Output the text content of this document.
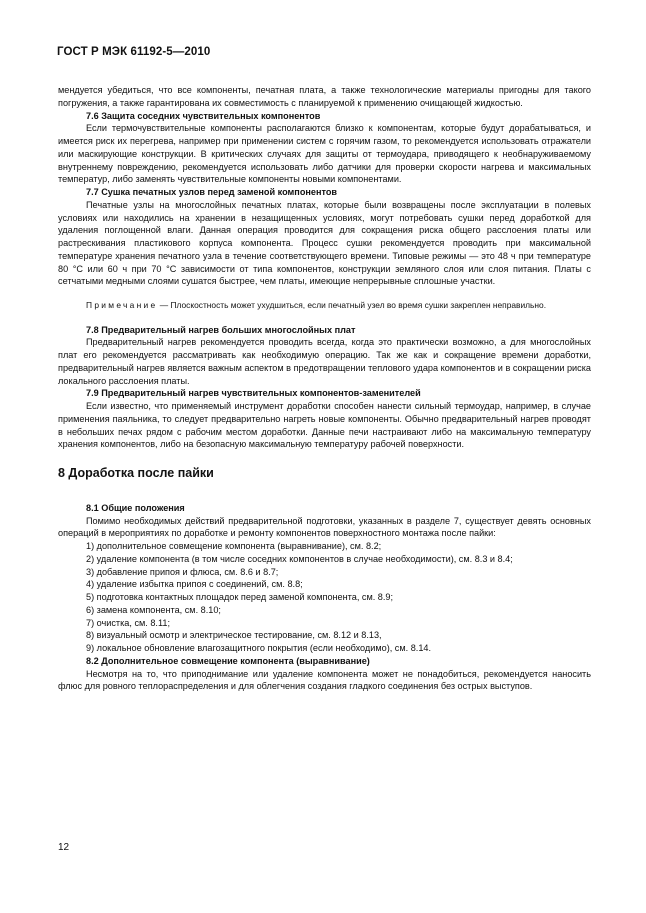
ГОСТ Р МЭК 61192-5—2010

мендуется убедиться, что все компоненты, печатная плата, а также технологические материалы пригодны для такого погружения, а также гарантирована их совместимость с планируемой к применению очищающей жидкостью.

7.6 Защита соседних чувствительных компонентов

Если термочувствительные компоненты располагаются близко к компонентам, которые будут дорабатываться, и имеется риск их перегрева, например при применении систем с горячим газом, то рекомендуется использовать отражатели или маскирующие конструкции. В критических случаях для защиты от термоудара, приводящего к необнаруживаемому внутреннему повреждению, рекомендуется использовать либо датчики для проверки скорости нагрева и максимальных температур, либо заменять чувствительные компоненты новыми компонентами.

7.7 Сушка печатных узлов перед заменой компонентов

Печатные узлы на многослойных печатных платах, которые были возвращены после эксплуатации в полевых условиях или находились на хранении в незащищенных условиях, могут потребовать сушки перед доработкой для удаления поглощенной влаги. Данная операция проводится для сокращения риска общего расслоения платы или растрескивания пластикового корпуса компонента. Процесс сушки рекомендуется проводить при максимальной температуре хранения печатного узла в течение соответствующего времени. Типовые режимы — это 48 ч при температуре 80 °С или 60 ч при 70 °С зависимости от типа компонентов, конструкции земляного слоя или слоя питания. Платы с сетчатыми медными слоями сушатся быстрее, чем платы, имеющие непрерывные сплошные участки.

Примечание — Плоскостность может ухудшиться, если печатный узел во время сушки закреплен неправильно.

7.8 Предварительный нагрев больших многослойных плат

Предварительный нагрев рекомендуется проводить всегда, когда это практически возможно, а для многослойных плат его рекомендуется рассматривать как необходимую операцию. Так же как и сокращение времени доработки, предварительный нагрев является важным аспектом в предотвращении теплового удара компонентов и в сокращении риска локального расслоения платы.

7.9 Предварительный нагрев чувствительных компонентов-заменителей

Если известно, что применяемый инструмент доработки способен нанести сильный термоудар, например, в случае применения паяльника, то следует предварительно нагреть новые компоненты. Обычно предварительный нагрев проводят в небольших печах рядом с рабочим местом доработки. Данные печи настраивают либо на максимальную температуру хранения компонентов, либо на безопасную максимальную температуру рабочей поверхности.

8 Доработка после пайки
8.1 Общие положения

Помимо необходимых действий предварительной подготовки, указанных в разделе 7, существует девять основных операций в мероприятиях по доработке и ремонту компонентов поверхностного монтажа после пайки:

1) дополнительное совмещение компонента (выравнивание), см. 8.2;
2) удаление компонента (в том числе соседних компонентов в случае необходимости), см. 8.3 и 8.4;
3) добавление припоя и флюса, см. 8.6 и 8.7;
4) удаление избытка припоя с соединений, см. 8.8;
5) подготовка контактных площадок перед заменой компонента, см. 8.9;
6) замена компонента, см. 8.10;
7) очистка, см. 8.11;
8) визуальный осмотр и электрическое тестирование, см. 8.12 и 8.13,
9) локальное обновление влагозащитного покрытия (если необходимо), см. 8.14.
8.2 Дополнительное совмещение компонента (выравнивание)

Несмотря на то, что приподнимание или удаление компонента может не понадобиться, рекомендуется наносить флюс для ровного теплораспределения и для облегчения создания гладкого соединения без острых выступов.

12
